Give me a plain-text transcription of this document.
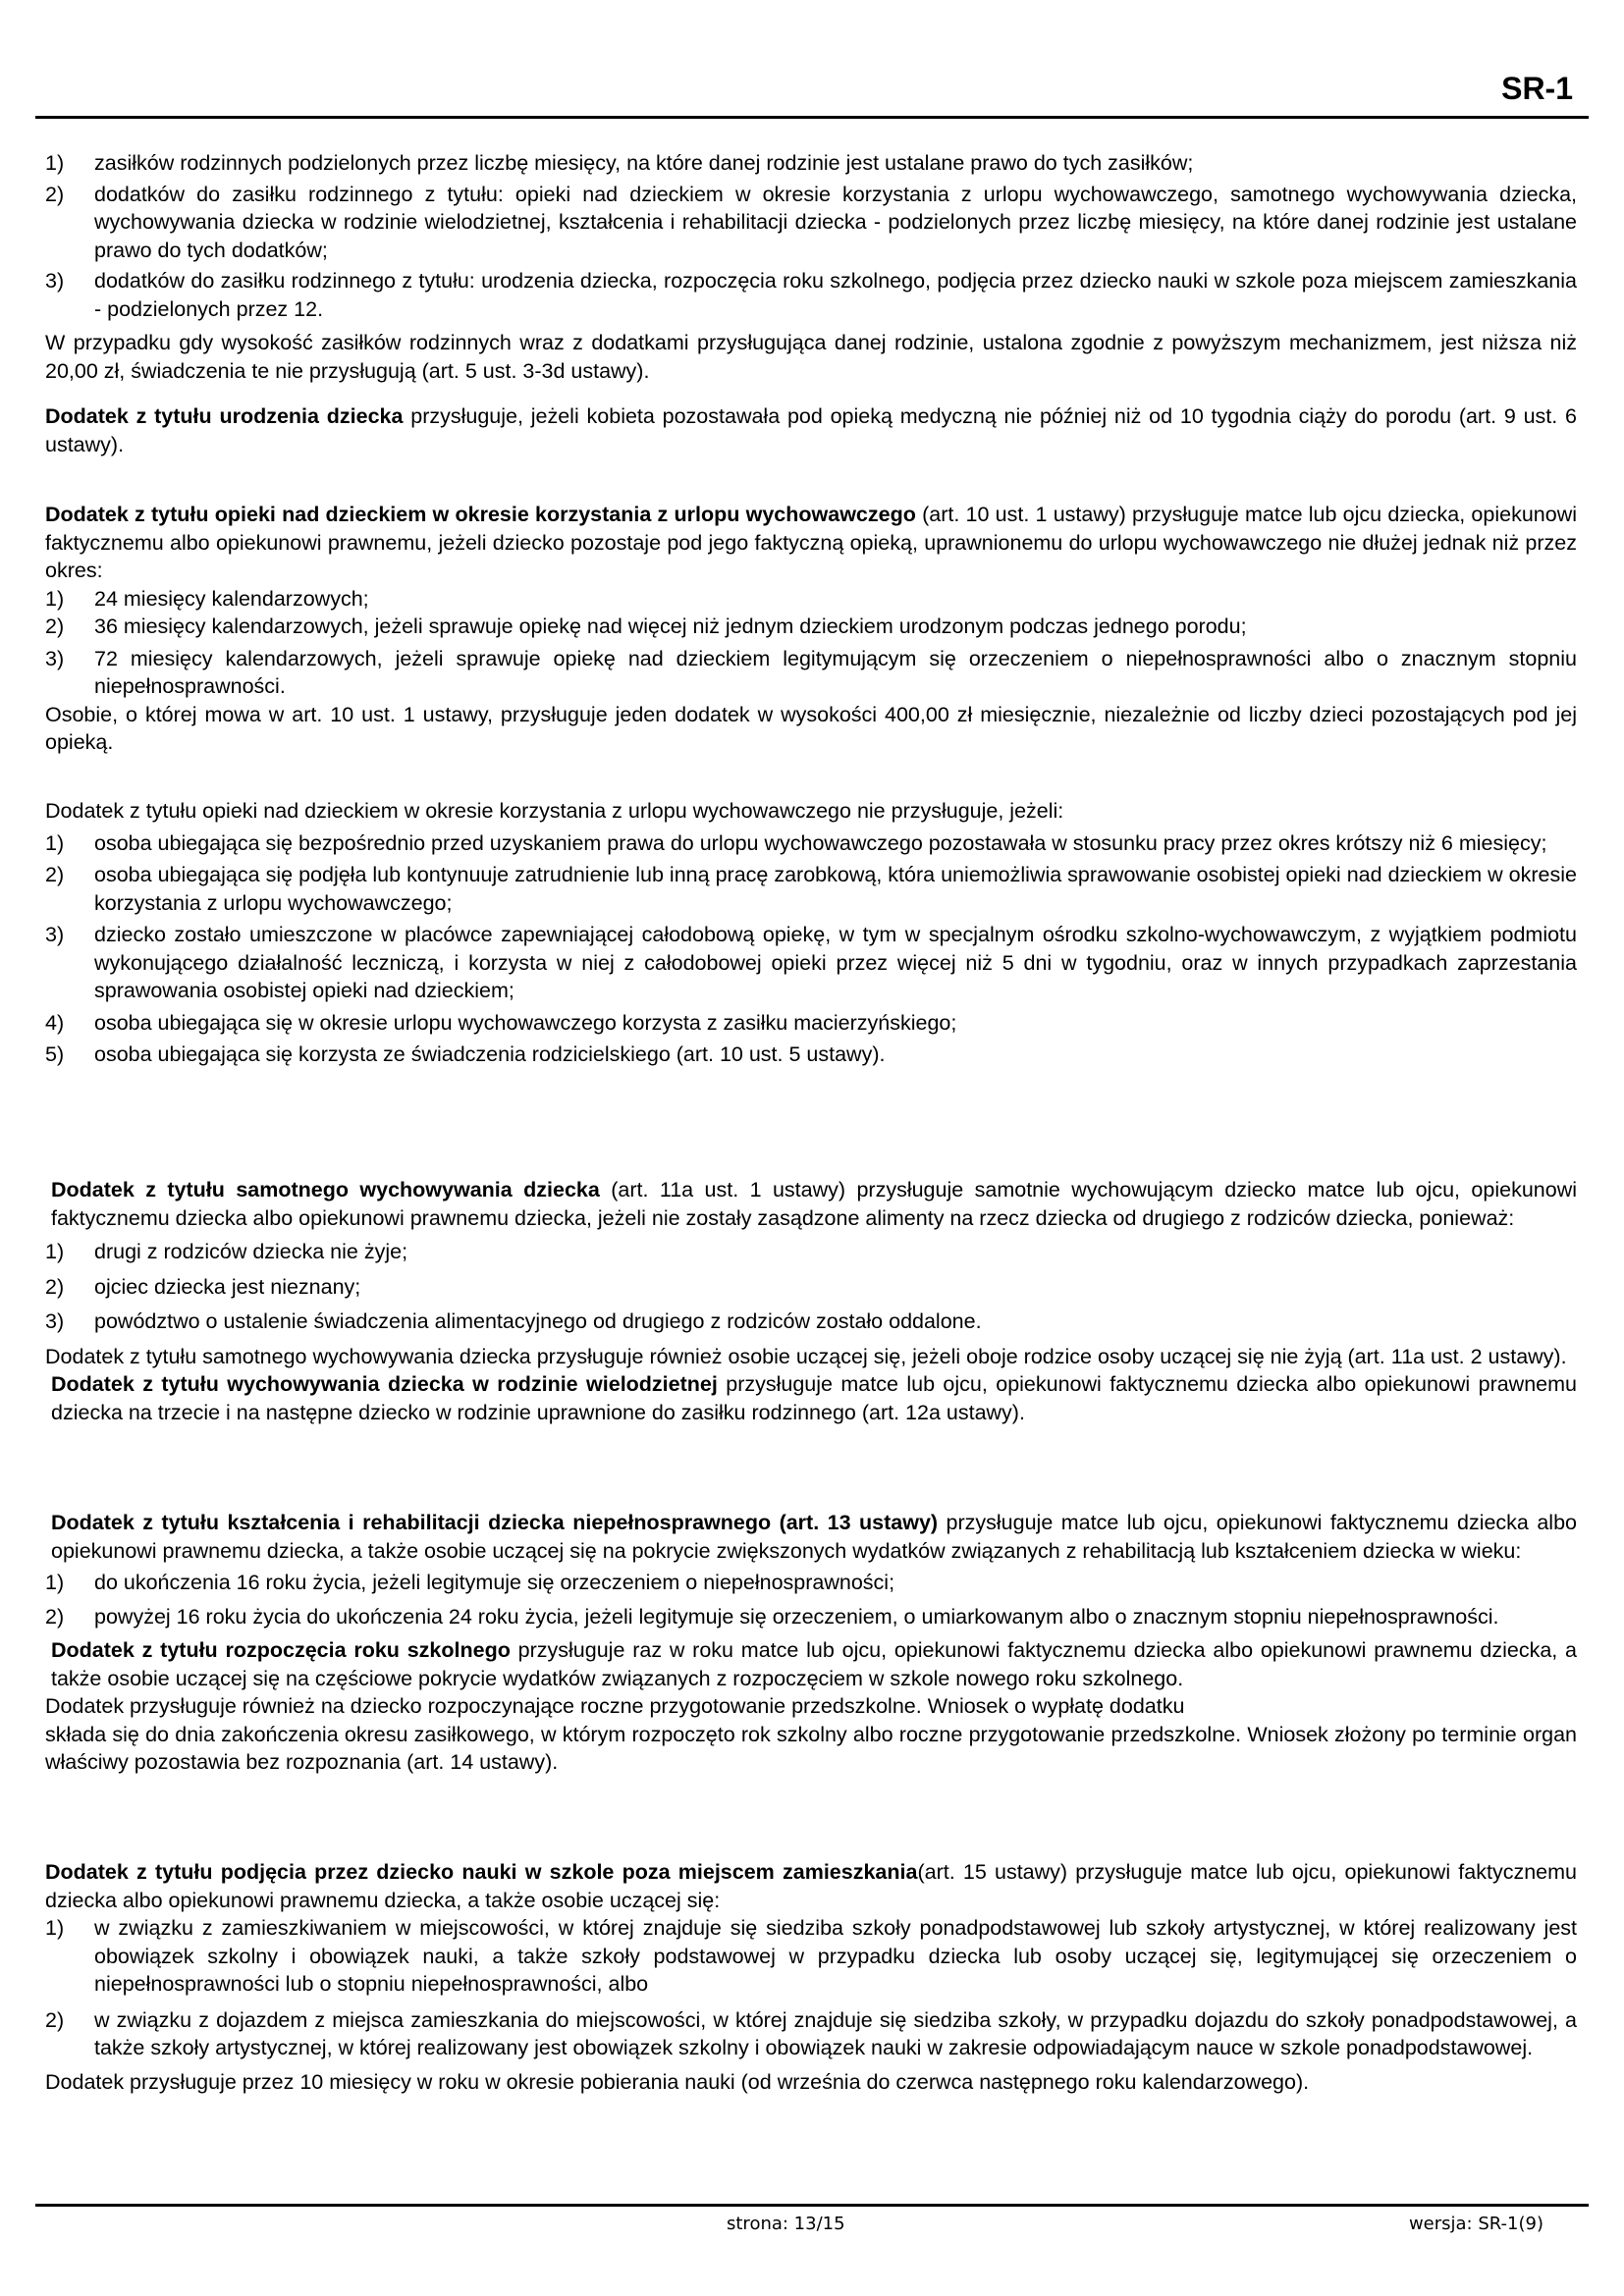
SR-1
1)	zasiłków rodzinnych podzielonych przez liczbę miesięcy, na które danej rodzinie jest ustalane prawo do tych zasiłków;
2)	dodatków do zasiłku rodzinnego z tytułu: opieki nad dzieckiem w okresie korzystania z urlopu wychowawczego, samotnego wychowywania dziecka, wychowywania dziecka w rodzinie wielodzietnej, kształcenia i rehabilitacji dziecka - podzielonych przez liczbę miesięcy, na które danej rodzinie jest ustalane prawo do tych dodatków;
3)	dodatków do zasiłku rodzinnego z tytułu: urodzenia dziecka, rozpoczęcia roku szkolnego, podjęcia przez dziecko nauki w szkole poza miejscem zamieszkania - podzielonych przez 12.

W przypadku gdy wysokość zasiłków rodzinnych wraz z dodatkami przysługująca danej rodzinie, ustalona zgodnie z powyższym mechanizmem, jest niższa niż 20,00 zł, świadczenia te nie przysługują (art. 5 ust. 3-3d ustawy).

Dodatek z tytułu urodzenia dziecka przysługuje, jeżeli kobieta pozostawała pod opieką medyczną nie później niż od 10 tygodnia ciąży do porodu (art. 9 ust. 6 ustawy).

Dodatek z tytułu opieki nad dzieckiem w okresie korzystania z urlopu wychowawczego (art. 10 ust. 1 ustawy) przysługuje matce lub ojcu dziecka, opiekunowi faktycznemu albo opiekunowi prawnemu, jeżeli dziecko pozostaje pod jego faktyczną opieką, uprawnionemu do urlopu wychowawczego nie dłużej jednak niż przez okres:

1)	24 miesięcy kalendarzowych;
2)	36 miesięcy kalendarzowych, jeżeli sprawuje opiekę nad więcej niż jednym dzieckiem urodzonym podczas jednego porodu;
3)	72 miesięcy kalendarzowych, jeżeli sprawuje opiekę nad dzieckiem legitymującym się orzeczeniem o niepełnosprawności albo o znacznym stopniu niepełnosprawności.

Osobie, o której mowa w art. 10 ust. 1 ustawy, przysługuje jeden dodatek w wysokości 400,00 zł miesięcznie, niezależnie od liczby dzieci pozostających pod jej opieką.

Dodatek z tytułu opieki nad dzieckiem w okresie korzystania z urlopu wychowawczego nie przysługuje, jeżeli:

1)	osoba ubiegająca się bezpośrednio przed uzyskaniem prawa do urlopu wychowawczego pozostawała w stosunku pracy przez okres krótszy niż 6 miesięcy;
2)	osoba ubiegająca się podjęła lub kontynuuje zatrudnienie lub inną pracę zarobkową, która uniemożliwia sprawowanie osobistej opieki nad dzieckiem w okresie korzystania z urlopu wychowawczego;
3)	dziecko zostało umieszczone w placówce zapewniającej całodobową opiekę, w tym w specjalnym ośrodku szkolno-wychowawczym, z wyjątkiem podmiotu wykonującego działalność leczniczą, i korzysta w niej z całodobowej opieki przez więcej niż 5 dni w tygodniu, oraz w innych przypadkach zaprzestania sprawowania osobistej opieki nad dzieckiem;
4)	osoba ubiegająca się w okresie urlopu wychowawczego korzysta z zasiłku macierzyńskiego;
5)	osoba ubiegająca się korzysta ze świadczenia rodzicielskiego (art. 10 ust. 5 ustawy).

Dodatek z tytułu samotnego wychowywania dziecka (art. 11a ust. 1 ustawy) przysługuje samotnie wychowującym dziecko matce lub ojcu, opiekunowi faktycznemu dziecka albo opiekunowi prawnemu dziecka, jeżeli nie zostały zasądzone alimenty na rzecz dziecka od drugiego z rodziców dziecka, ponieważ:

1)	drugi z rodziców dziecka nie żyje;
2)	ojciec dziecka jest nieznany;
3)	powództwo o ustalenie świadczenia alimentacyjnego od drugiego z rodziców zostało oddalone.

Dodatek z tytułu samotnego wychowywania dziecka przysługuje również osobie uczącej się, jeżeli oboje rodzice osoby uczącej się nie żyją (art. 11a ust. 2 ustawy).

Dodatek z tytułu wychowywania dziecka w rodzinie wielodzietnej przysługuje matce lub ojcu, opiekunowi faktycznemu dziecka albo opiekunowi prawnemu dziecka na trzecie i na następne dziecko w rodzinie uprawnione do zasiłku rodzinnego (art. 12a ustawy).

Dodatek z tytułu kształcenia i rehabilitacji dziecka niepełnosprawnego (art. 13 ustawy) przysługuje matce lub ojcu, opiekunowi faktycznemu dziecka albo opiekunowi prawnemu dziecka, a także osobie uczącej się na pokrycie zwiększonych wydatków związanych z rehabilitacją lub kształceniem dziecka w wieku:

1)	do ukończenia 16 roku życia, jeżeli legitymuje się orzeczeniem o niepełnosprawności;
2)	powyżej 16 roku życia do ukończenia 24 roku życia, jeżeli legitymuje się orzeczeniem, o umiarkowanym albo o znacznym stopniu niepełnosprawności.

Dodatek z tytułu rozpoczęcia roku szkolnego przysługuje raz w roku matce lub ojcu, opiekunowi faktycznemu dziecka albo opiekunowi prawnemu dziecka, a także osobie uczącej się na częściowe pokrycie wydatków związanych z rozpoczęciem w szkole nowego roku szkolnego.

Dodatek przysługuje również na dziecko rozpoczynające roczne przygotowanie przedszkolne. Wniosek o wypłatę dodatku

składa się do dnia zakończenia okresu zasiłkowego, w którym rozpoczęto rok szkolny albo roczne przygotowanie przedszkolne. Wniosek złożony po terminie organ właściwy pozostawia bez rozpoznania (art. 14 ustawy).

Dodatek z tytułu podjęcia przez dziecko nauki w szkole poza miejscem zamieszkania(art. 15 ustawy) przysługuje matce lub ojcu, opiekunowi faktycznemu dziecka albo opiekunowi prawnemu dziecka, a także osobie uczącej się:

1)	w związku z zamieszkiwaniem w miejscowości, w której znajduje się siedziba szkoły ponadpodstawowej lub szkoły artystycznej, w której realizowany jest obowiązek szkolny i obowiązek nauki, a także szkoły podstawowej w przypadku dziecka lub osoby uczącej się, legitymującej się orzeczeniem o niepełnosprawności lub o stopniu niepełnosprawności, albo
2)	w związku z dojazdem z miejsca zamieszkania do miejscowości, w której znajduje się siedziba szkoły, w przypadku dojazdu do szkoły ponadpodstawowej, a także szkoły artystycznej, w której realizowany jest obowiązek szkolny i obowiązek nauki w zakresie odpowiadającym nauce w szkole ponadpodstawowej.

Dodatek przysługuje przez 10 miesięcy w roku w okresie pobierania nauki (od września do czerwca następnego roku kalendarzowego).

strona: 13/15	wersja: SR-1(9)
